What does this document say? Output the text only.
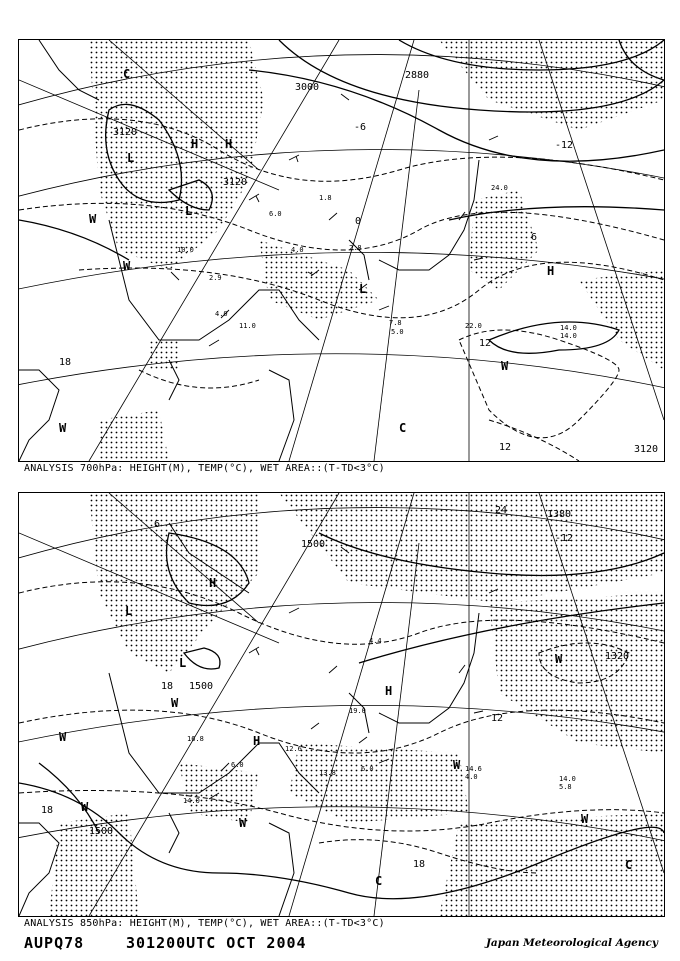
3000
2880
3120
3120
3120
0
-6
6
12
12
-12
18
H H
L
L
L
H
W
W
W	C
W
C
2.9
10.0
4.0
11.0	7.8
5.0
22.0	14.0
14.0
6.0
4.0	2.8
1.8
24.0
ANALYSIS 700hPa: HEIGHT(M), TEMP(°C), WET AREA::(T-TD<3°C)
1500
1500
1500
1380
1320
12
18
18
18
24
-12
6
L
H
H
L
W
W
W
W
W
C
W
W
C
H
16.8
14.0
12.6
6.0
13.8
19.0
14.6
4.0	14.0
5.8
6.0
4.4
ANALYSIS 850hPa: HEIGHT(M), TEMP(°C), WET AREA::(T-TD<3°C)
AUPQ78	301200UTC OCT 2004	Japan Meteorological Agency
